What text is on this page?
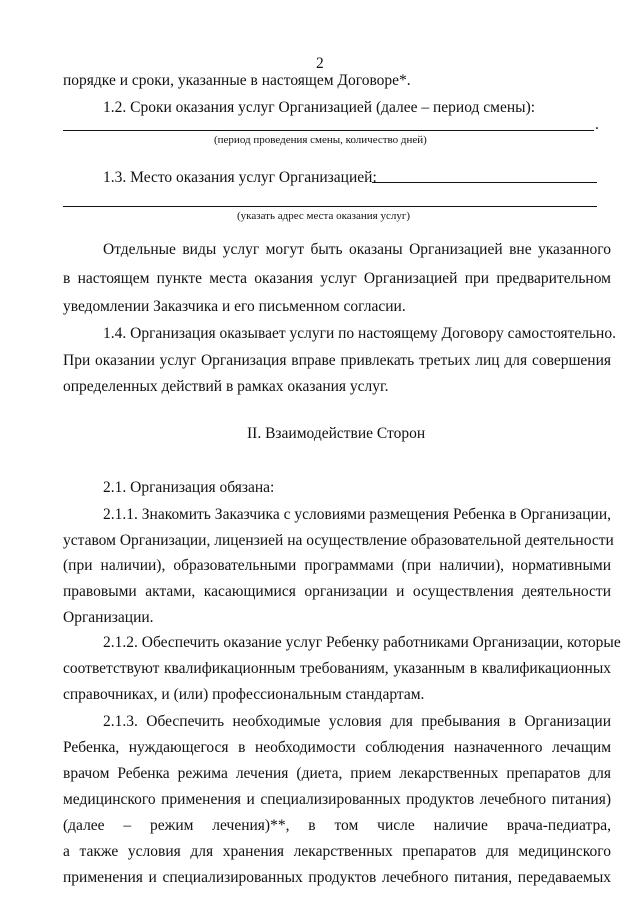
2
порядке и сроки, указанные в настоящем Договоре*.
1.2. Сроки оказания услуг Организацией (далее – период смены):
.
(период проведения смены, количество дней)
1.3. Место оказания услуг Организацией:
(указать адрес места оказания услуг)
Отдельные виды услуг могут быть оказаны Организацией вне указанного
в настоящем пункте места оказания услуг Организацией при предварительном
уведомлении Заказчика и его письменном согласии.
1.4. Организация оказывает услуги по настоящему Договору самостоятельно.
При оказании услуг Организация вправе привлекать третьих лиц для совершения
определенных действий в рамках оказания услуг.
II. Взаимодействие Сторон
2.1. Организация обязана:
2.1.1. Знакомить Заказчика с условиями размещения Ребенка в Организации,
уставом Организации, лицензией на осуществление образовательной деятельности
(при наличии), образовательными программами (при наличии), нормативными
правовыми актами, касающимися организации и осуществления деятельности
Организации.
2.1.2. Обеспечить оказание услуг Ребенку работниками Организации, которые
соответствуют квалификационным требованиям, указанным в квалификационных
справочниках, и (или) профессиональным стандартам.
2.1.3. Обеспечить необходимые условия для пребывания в Организации
Ребенка, нуждающегося в необходимости соблюдения назначенного лечащим
врачом Ребенка режима лечения (диета, прием лекарственных препаратов для
медицинского применения и специализированных продуктов лечебного питания)
(далее – режим лечения)**, в том числе наличие врача-педиатра,
а также условия для хранения лекарственных препаратов для медицинского
применения и специализированных продуктов лечебного питания, передаваемых
